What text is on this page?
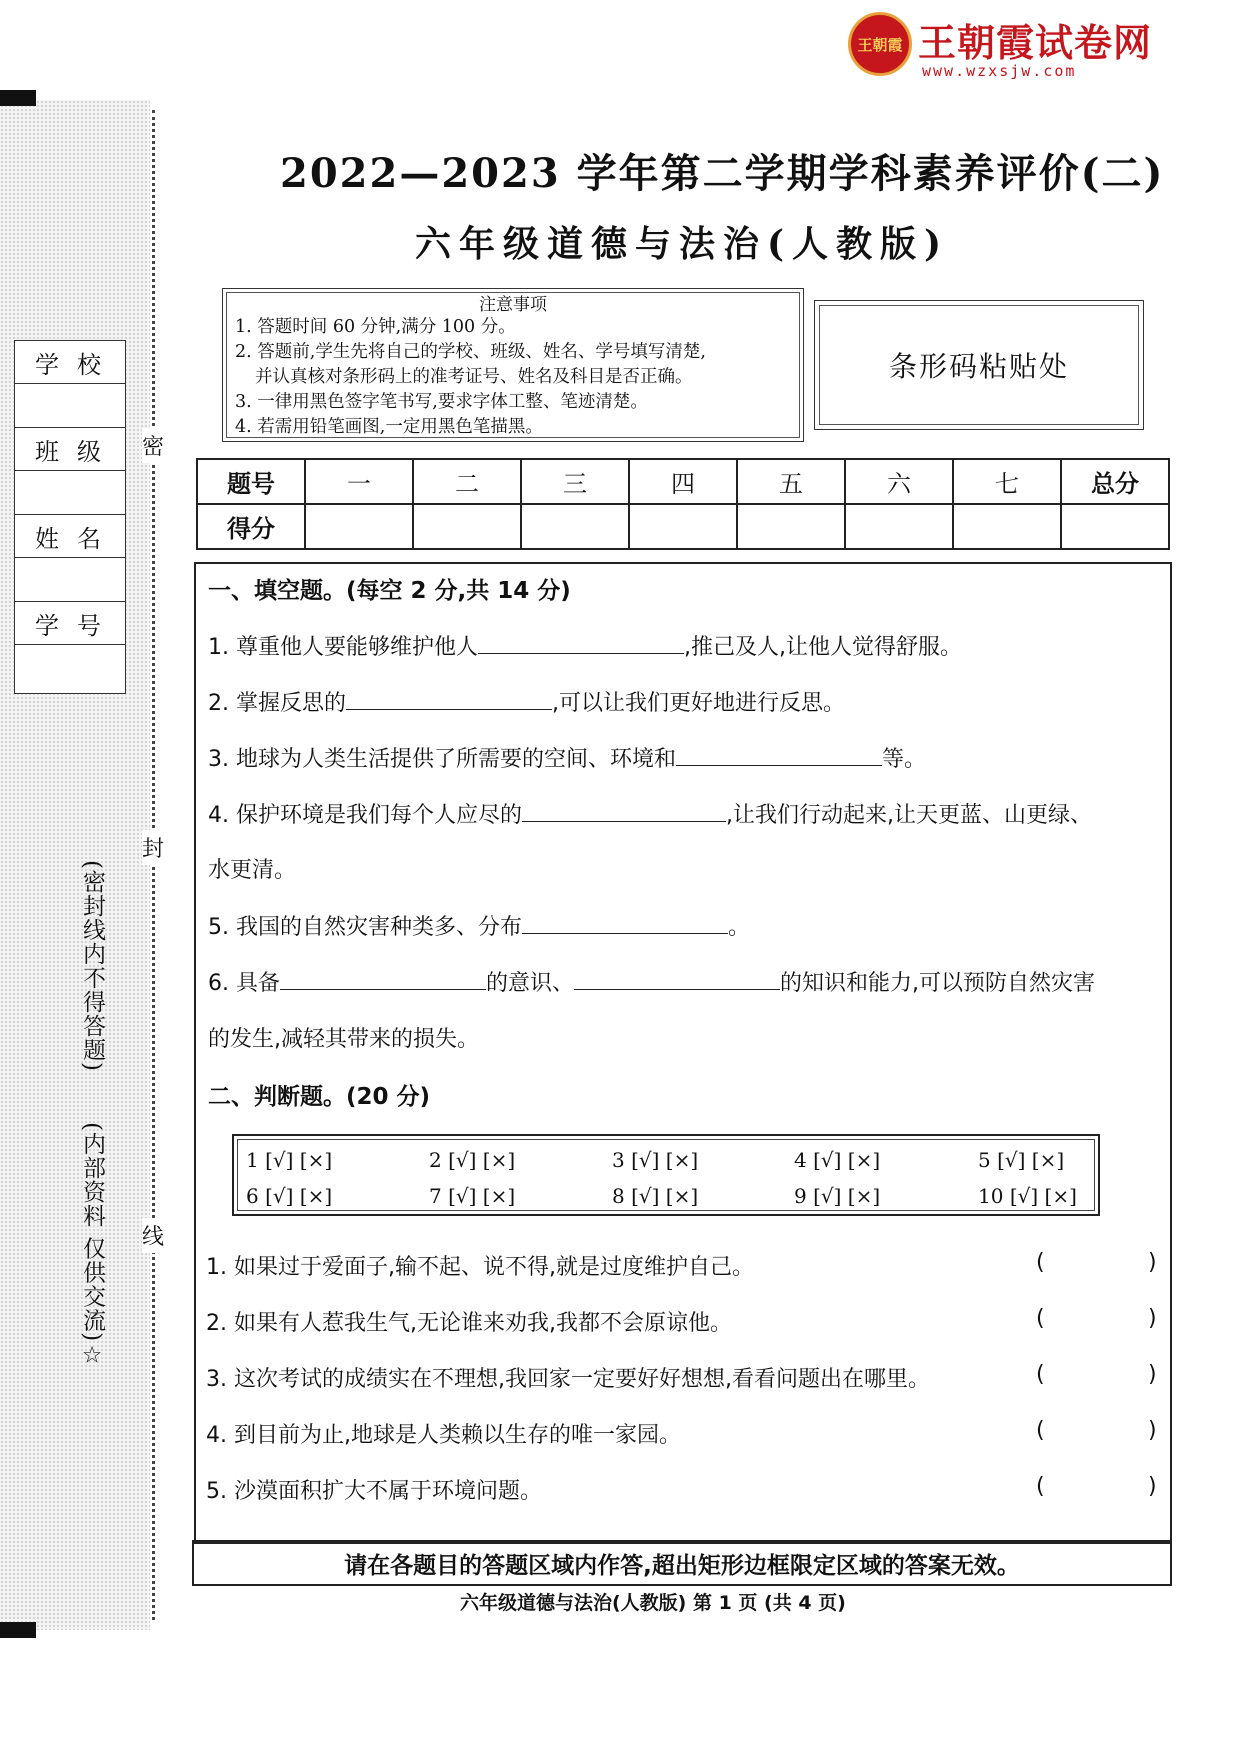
密
封
线
学校
班级
姓名
学号
(密封线内不得答题)
(内部资料 仅供交流)☆
王朝霞 王朝霞试卷网
www.wzxsjw.com
2022—2023 学年第二学期学科素养评价(二)
六年级道德与法治(人教版)
注意事项
1. 答题时间 60 分钟,满分 100 分。
2. 答题前,学生先将自己的学校、班级、姓名、学号填写清楚,
并认真核对条形码上的准考证号、姓名及科目是否正确。
3. 一律用黑色签字笔书写,要求字体工整、笔迹清楚。
4. 若需用铅笔画图,一定用黑色笔描黑。
条形码粘贴处
题号	一	二	三	四	五	六	七	总分
得分								
一、填空题。(每空 2 分,共 14 分)
1. 尊重他人要能够维护他人	,推己及人,让他人觉得舒服。
2. 掌握反思的	,可以让我们更好地进行反思。
3. 地球为人类生活提供了所需要的空间、环境和	等。
4. 保护环境是我们每个人应尽的	,让我们行动起来,让天更蓝、山更绿、
水更清。
5. 我国的自然灾害种类多、分布	。
6. 具备	的意识、	的知识和能力,可以预防自然灾害
的发生,减轻其带来的损失。
二、判断题。(20 分)
1 [√] [×]	2 [√] [×]	3 [√] [×]	4 [√] [×]	5 [√] [×]
6 [√] [×]	7 [√] [×]	8 [√] [×]	9 [√] [×]	10 [√] [×]
1. 如果过于爱面子,输不起、说不得,就是过度维护自己。
2. 如果有人惹我生气,无论谁来劝我,我都不会原谅他。
3. 这次考试的成绩实在不理想,我回家一定要好好想想,看看问题出在哪里。
4. 到目前为止,地球是人类赖以生存的唯一家园。
5. 沙漠面积扩大不属于环境问题。
(	)
(	)
(	)
(	)
(	)
请在各题目的答题区域内作答,超出矩形边框限定区域的答案无效。
六年级道德与法治(人教版) 第 1 页 (共 4 页)
